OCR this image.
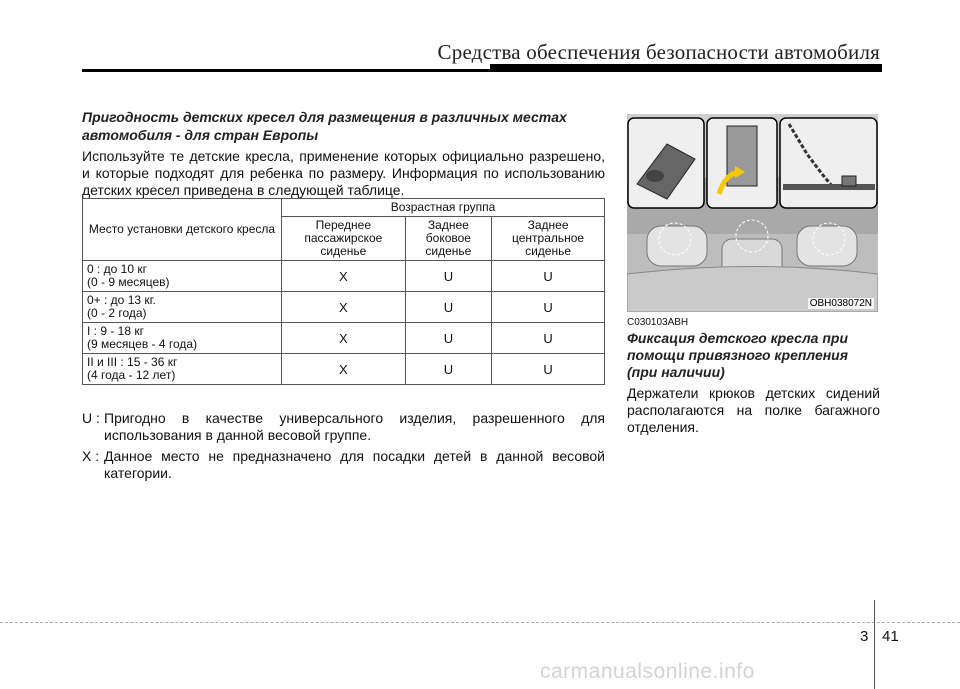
Средства обеспечения безопасности автомобиля
Пригодность детских кресел для размещения в различных местах автомобиля - для стран Европы
Используйте те детские кресла, применение которых официально разрешено, и которые подходят для ребенка по размеру. Информация по использованию детских кресел приведена в следующей таблице.
Место установки детского кресла	Возрастная группа		
	Переднее пассажирское сиденье	Заднее боковое сиденье	Заднее центральное сиденье

0 : до 10 кг
(0 - 9 месяцев)	X	U	U

0+ : до 13 кг.
(0 - 2 года)	X	U	U

I : 9 - 18 кг
(9 месяцев - 4 года)	X	U	U

II и III : 15 - 36 кг
(4 года - 12 лет)	X	U	U
U : Пригодно в качестве универсального изделия, разрешенного для использования в данной весовой группе.
X : Данное место не предназначено для посадки детей в данной весовой категории.
OBH038072N
C030103ABH
Фиксация детского кресла при помощи привязного крепления (при наличии)
Держатели крюков детских сидений располагаются на полке багажного отделения.
3 41
carmanualsonline.info
